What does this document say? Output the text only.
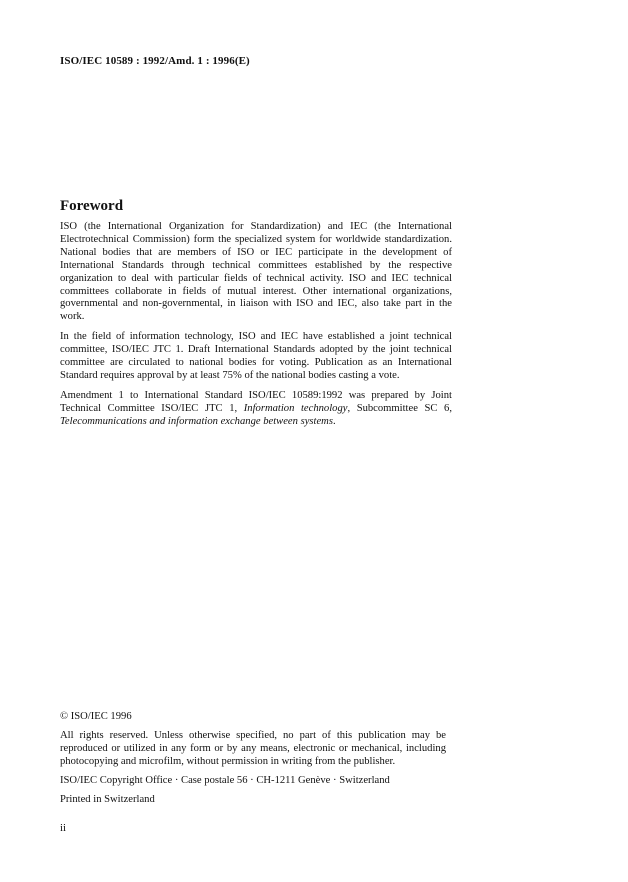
ISO/IEC 10589 : 1992/Amd. 1 : 1996(E)
Foreword

ISO (the International Organization for Standardization) and IEC (the International Electrotechnical Commission) form the specialized system for worldwide standardization. National bodies that are members of ISO or IEC participate in the development of International Standards through technical committees established by the respective organization to deal with particular fields of technical activity. ISO and IEC technical committees collaborate in fields of mutual interest. Other international organizations, governmental and non-governmental, in liaison with ISO and IEC, also take part in the work.

In the field of information technology, ISO and IEC have established a joint technical committee, ISO/IEC JTC 1. Draft International Standards adopted by the joint technical committee are circulated to national bodies for voting. Publication as an International Standard requires approval by at least 75% of the national bodies casting a vote.

Amendment 1 to International Standard ISO/IEC 10589:1992 was prepared by Joint Technical Committee ISO/IEC JTC 1, Information technology, Subcommittee SC 6, Telecommunications and information exchange between systems.

© ISO/IEC 1996
All rights reserved. Unless otherwise specified, no part of this publication may be reproduced or utilized in any form or by any means, electronic or mechanical, including photocopying and microfilm, without permission in writing from the publisher.
ISO/IEC Copyright Office · Case postale 56 · CH-1211 Genève · Switzerland
Printed in Switzerland
ii
